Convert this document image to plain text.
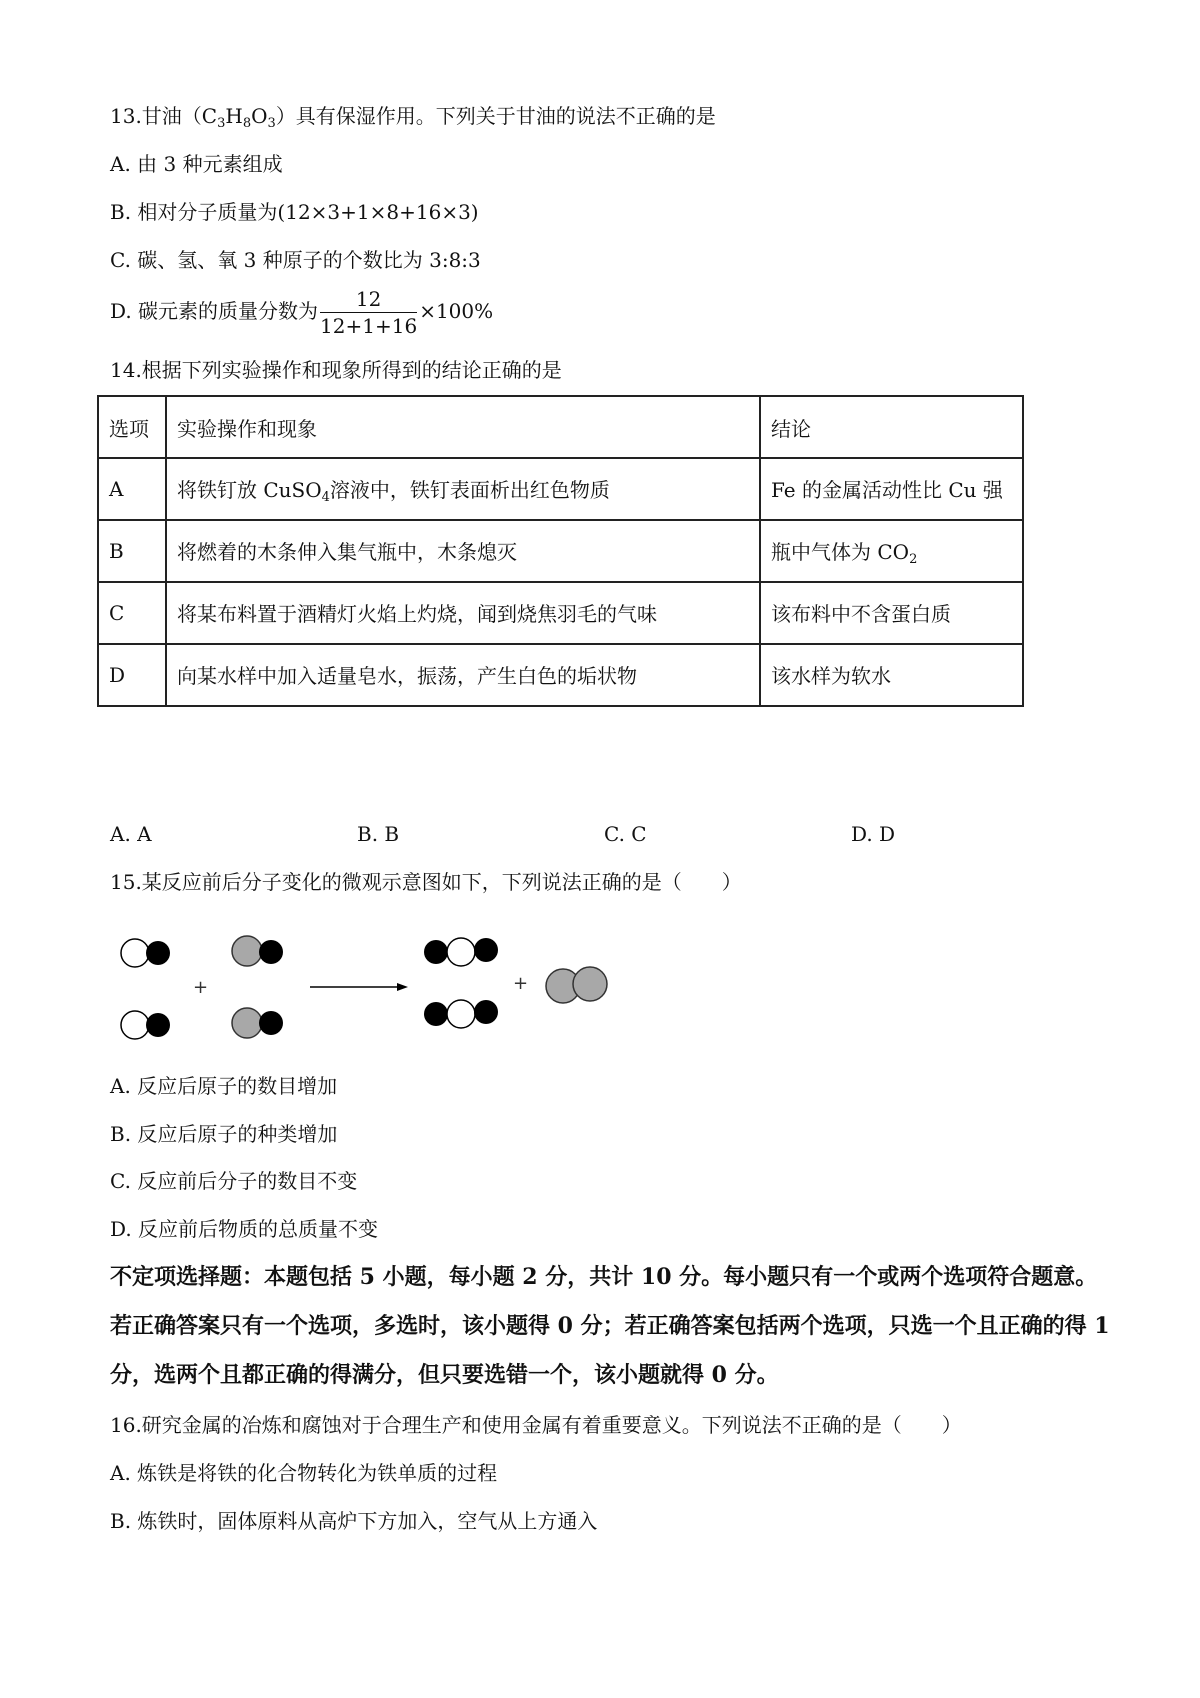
13.甘油$(C_3H_8O_3)$具有保湿作用。下列关于甘油的说法不正确的是
A. 由 3 种元素组成
B. 相对分子质量为(12×3+1×8+16×3)
C. 碳、氢、氧 3 种原子的个数比为 3:8:3
D. 碳元素的质量分数为 $\frac{12}{12+1+16} \times 100\%$
14.根据下列实验操作和现象所得到的结论正确的是
选项	实验操作和现象	结论
A	将铁钉放 CuSO$_4$溶液中，铁钉表面析出红色物质	Fe 的金属活动性比 Cu 强
B	将燃着的木条伸入集气瓶中，木条熄灭	瓶中气体为 $CO_2$
C	将某布料置于酒精灯火焰上灼烧，闻到烧焦羽毛的气味	该布料中不含蛋白质
D	向某水样中加入适量皂水，振荡，产生白色的垢状物	该水样为软水
A. A	B. B	C. C	D. D
15.某反应前后分子变化的微观示意图如下，下列说法正确的是（　　）
+	+
A. 反应后原子的数目增加
B. 反应后原子的种类增加
C. 反应前后分子的数目不变
D. 反应前后物质的总质量不变
不定项选择题：本题包括 5 小题，每小题 2 分，共计 10 分。每小题只有一个或两个选项符合题意。若正确答案只有一个选项，多选时，该小题得 0 分；若正确答案包括两个选项，只选一个且正确的得 1 分，选两个且都正确的得满分，但只要选错一个，该小题就得 0 分。
16.研究金属的冶炼和腐蚀对于合理生产和使用金属有着重要意义。下列说法不正确的是（　　）
A. 炼铁是将铁的化合物转化为铁单质的过程
B. 炼铁时，固体原料从高炉下方加入，空气从上方通入
